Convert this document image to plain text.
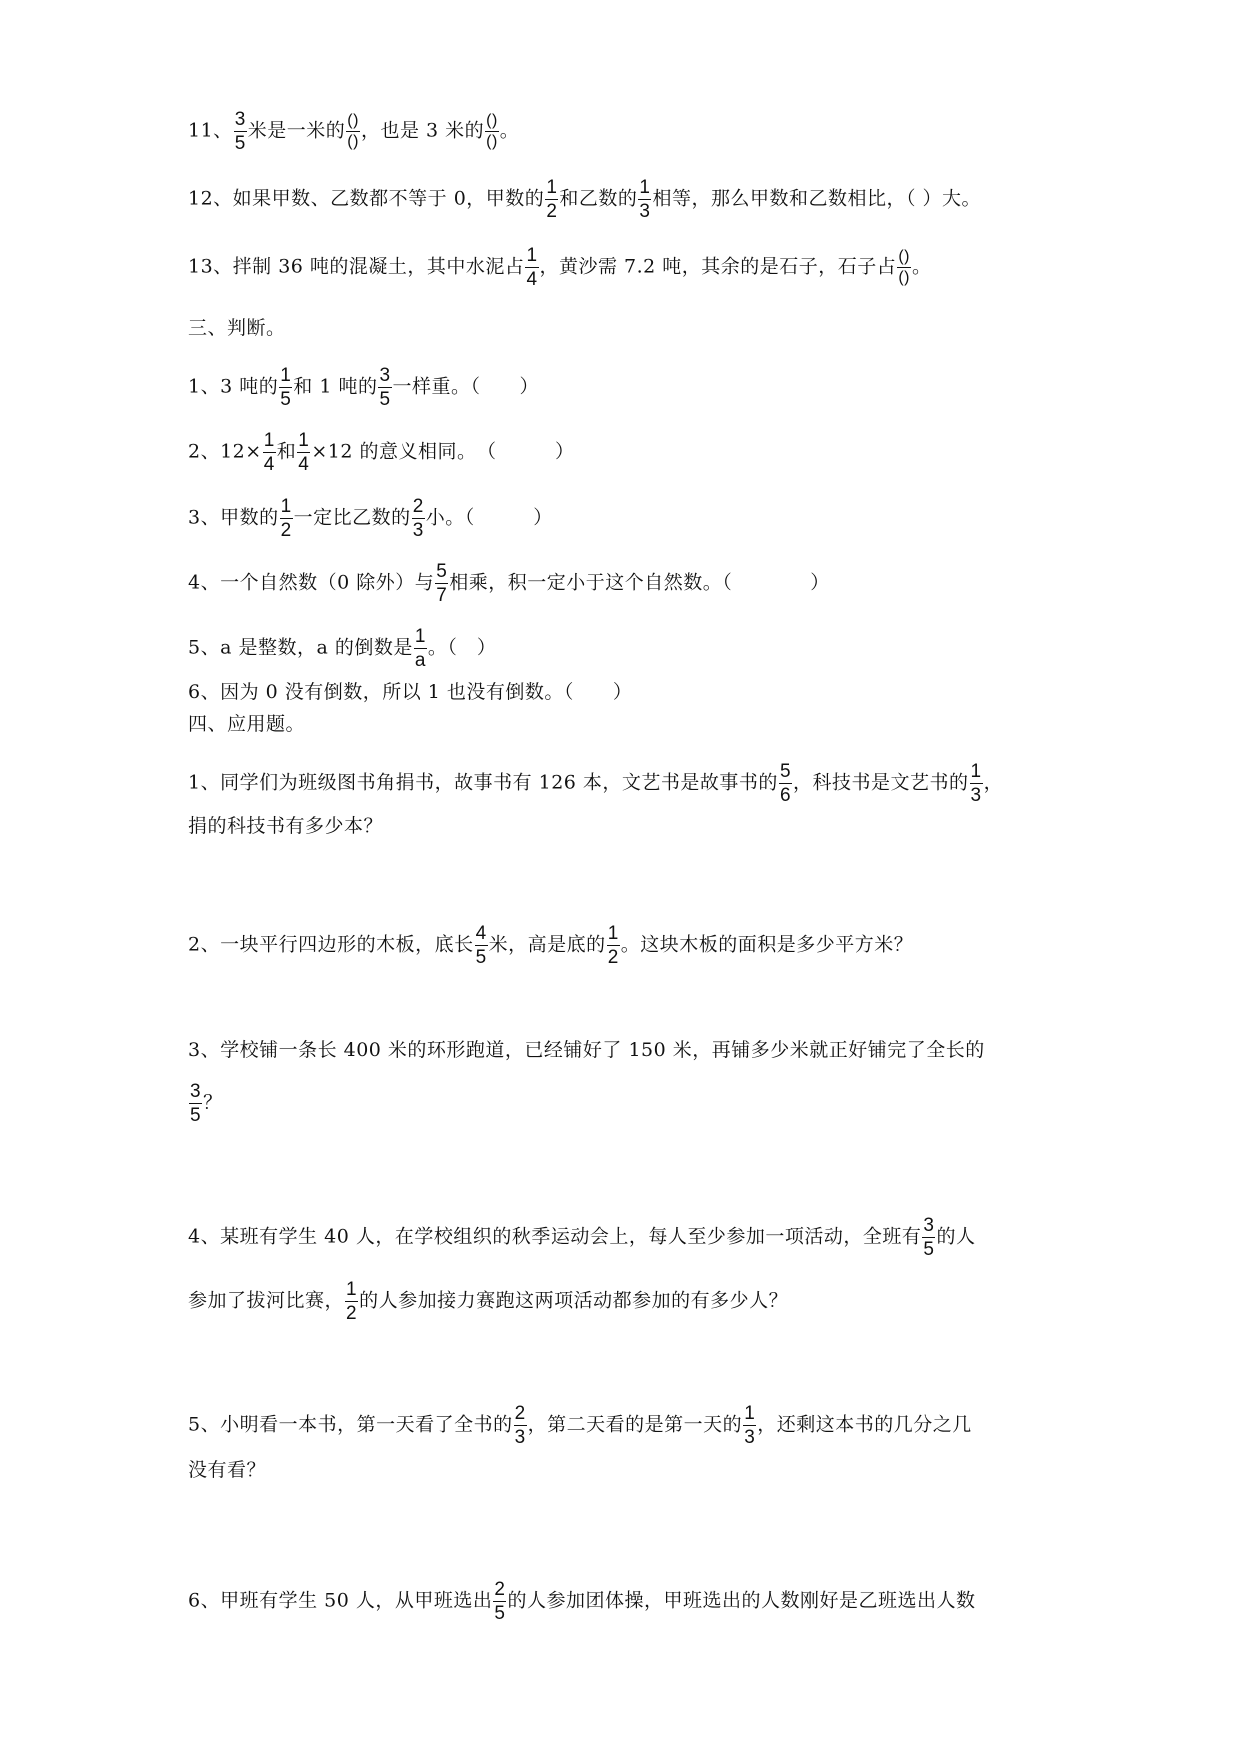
11、 $\frac{3}{5}$ 米是一米的 $\frac{()}{()}$ ，也是 3 米的 $\frac{()}{()}$ 。
12、如果甲数、乙数都不等于 0，甲数的 $\frac{1}{2}$ 和乙数的 $\frac{1}{3}$ 相等，那么甲数和乙数相比，（ ）大。
13、拌制 36 吨的混凝土，其中水泥占 $\frac{1}{4}$ ，黄沙需 7.2 吨，其余的是石子，石子占 $\frac{()}{()}$ 。
三、判断。
1、3 吨的 $\frac{1}{5}$ 和 1 吨的 $\frac{3}{5}$ 一样重。（　　）
2、$12\times \frac{1}{4}$ 和 $\frac{1}{4} \times 12$ 的意义相同。　（　　　）
3、甲数的 $\frac{1}{2}$ 一定比乙数的 $\frac{2}{3}$ 小。（　　　）
4、一个自然数（0 除外）与 $\frac{5}{7}$ 相乘，积一定小于这个自然数。（　　　　）
5、a 是整数，a 的倒数是 $\frac{1}{a}$ 。（　）
6、因为 0 没有倒数，所以 1 也没有倒数。（　　）
四、应用题。
1、同学们为班级图书角捐书，故事书有 126 本，文艺书是故事书的 $\frac{5}{6}$ ，科技书是文艺书的 $\frac{1}{3}$ ，
捐的科技书有多少本？
2、一块平行四边形的木板，底长 $\frac{4}{5}$ 米，高是底的 $\frac{1}{2}$ 。这块木板的面积是多少平方米？
3、学校铺一条长 400 米的环形跑道，已经铺好了 150 米，再铺多少米就正好铺完了全长的
$\frac{3}{5}$ ？
4、某班有学生 40 人，在学校组织的秋季运动会上，每人至少参加一项活动，全班有 $\frac{3}{5}$ 的人
参加了拔河比赛， $\frac{1}{2}$ 的人参加接力赛跑这两项活动都参加的有多少人？
5、小明看一本书，第一天看了全书的 $\frac{2}{3}$ ，第二天看的是第一天的 $\frac{1}{3}$ ，还剩这本书的几分之几
没有看？
6、甲班有学生 50 人，从甲班选出 $\frac{2}{5}$ 的人参加团体操，甲班选出的人数刚好是乙班选出人数
